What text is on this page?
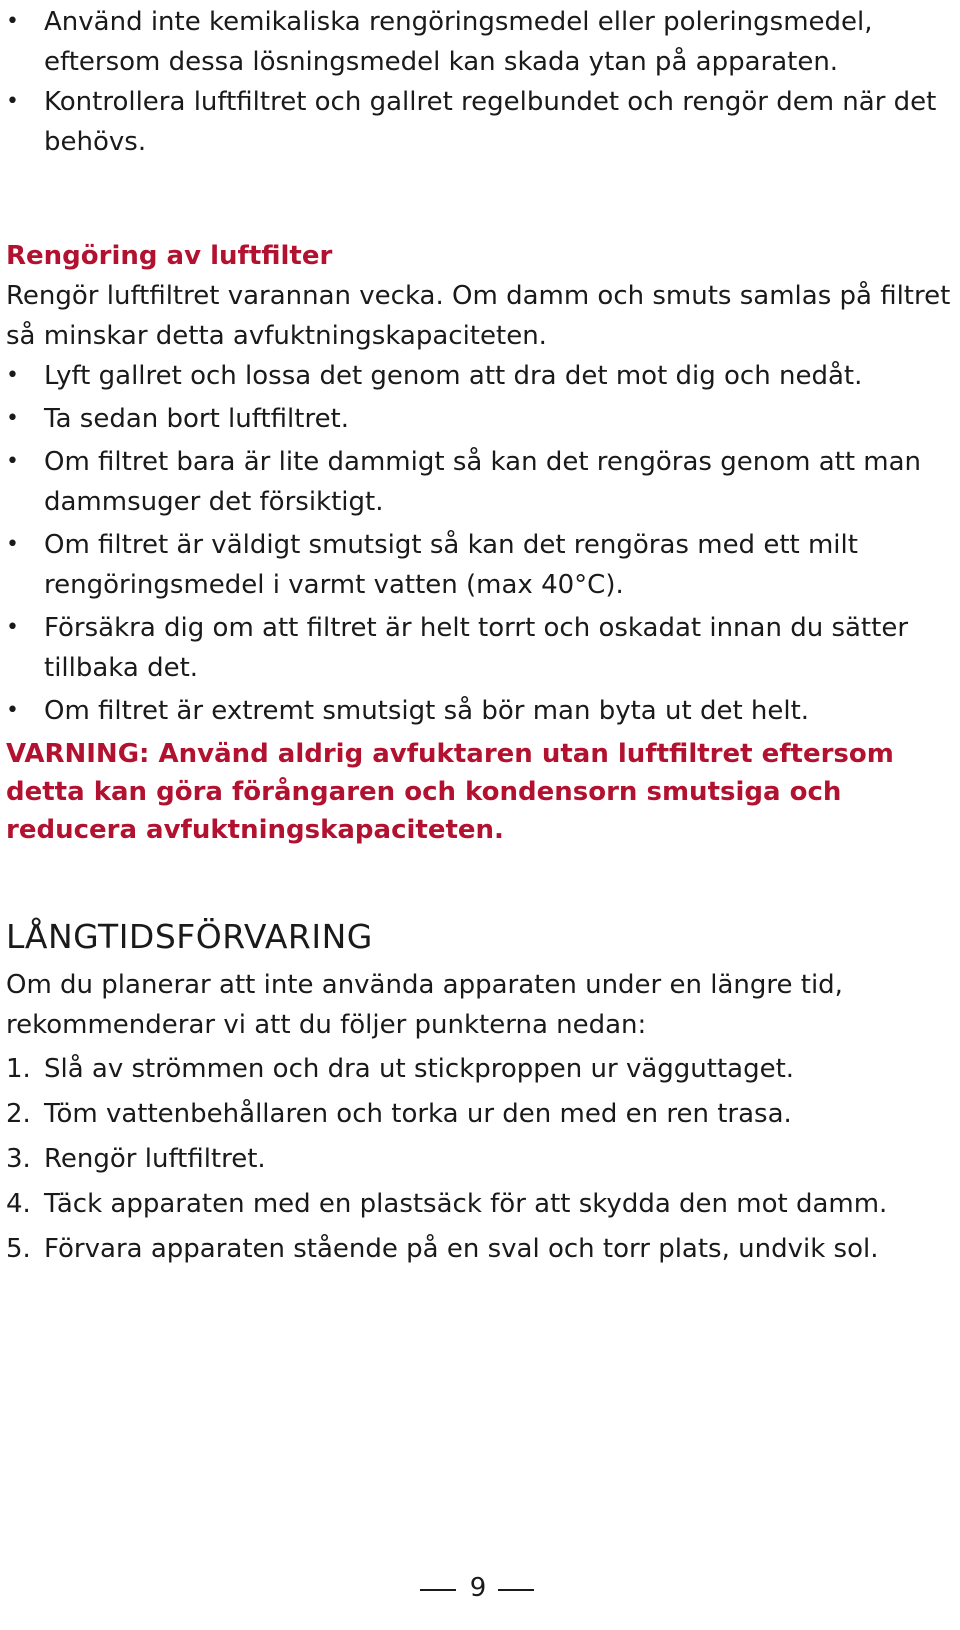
• Använd inte kemikaliska rengöringsmedel eller poleringsmedel, eftersom dessa lösningsmedel kan skada ytan på apparaten.
• Kontrollera luftfiltret och gallret regelbundet och rengör dem när det behövs.
Rengöring av luftfilter

Rengör luftfiltret varannan vecka. Om damm och smuts samlas på filtret så minskar detta avfuktningskapaciteten.

• Lyft gallret och lossa det genom att dra det mot dig och nedåt.
• Ta sedan bort luftfiltret.
• Om filtret bara är lite dammigt så kan det rengöras genom att man dammsuger det försiktigt.
• Om filtret är väldigt smutsigt så kan det rengöras med ett milt rengöringsmedel i varmt vatten (max 40°C).
• Försäkra dig om att filtret är helt torrt och oskadat innan du sätter tillbaka det.
• Om filtret är extremt smutsigt så bör man byta ut det helt.

VARNING: Använd aldrig avfuktaren utan luftfiltret eftersom detta kan göra förångaren och kondensorn smutsiga och reducera avfuktningskapaciteten.

LÅNGTIDSFÖRVARING

Om du planerar att inte använda apparaten under en längre tid, rekommenderar vi att du följer punkterna nedan:

1. Slå av strömmen och dra ut stickproppen ur vägguttaget.
2. Töm vattenbehållaren och torka ur den med en ren trasa.
3. Rengör luftfiltret.
4. Täck apparaten med en plastsäck för att skydda den mot damm.
5. Förvara apparaten stående på en sval och torr plats, undvik sol.
9
